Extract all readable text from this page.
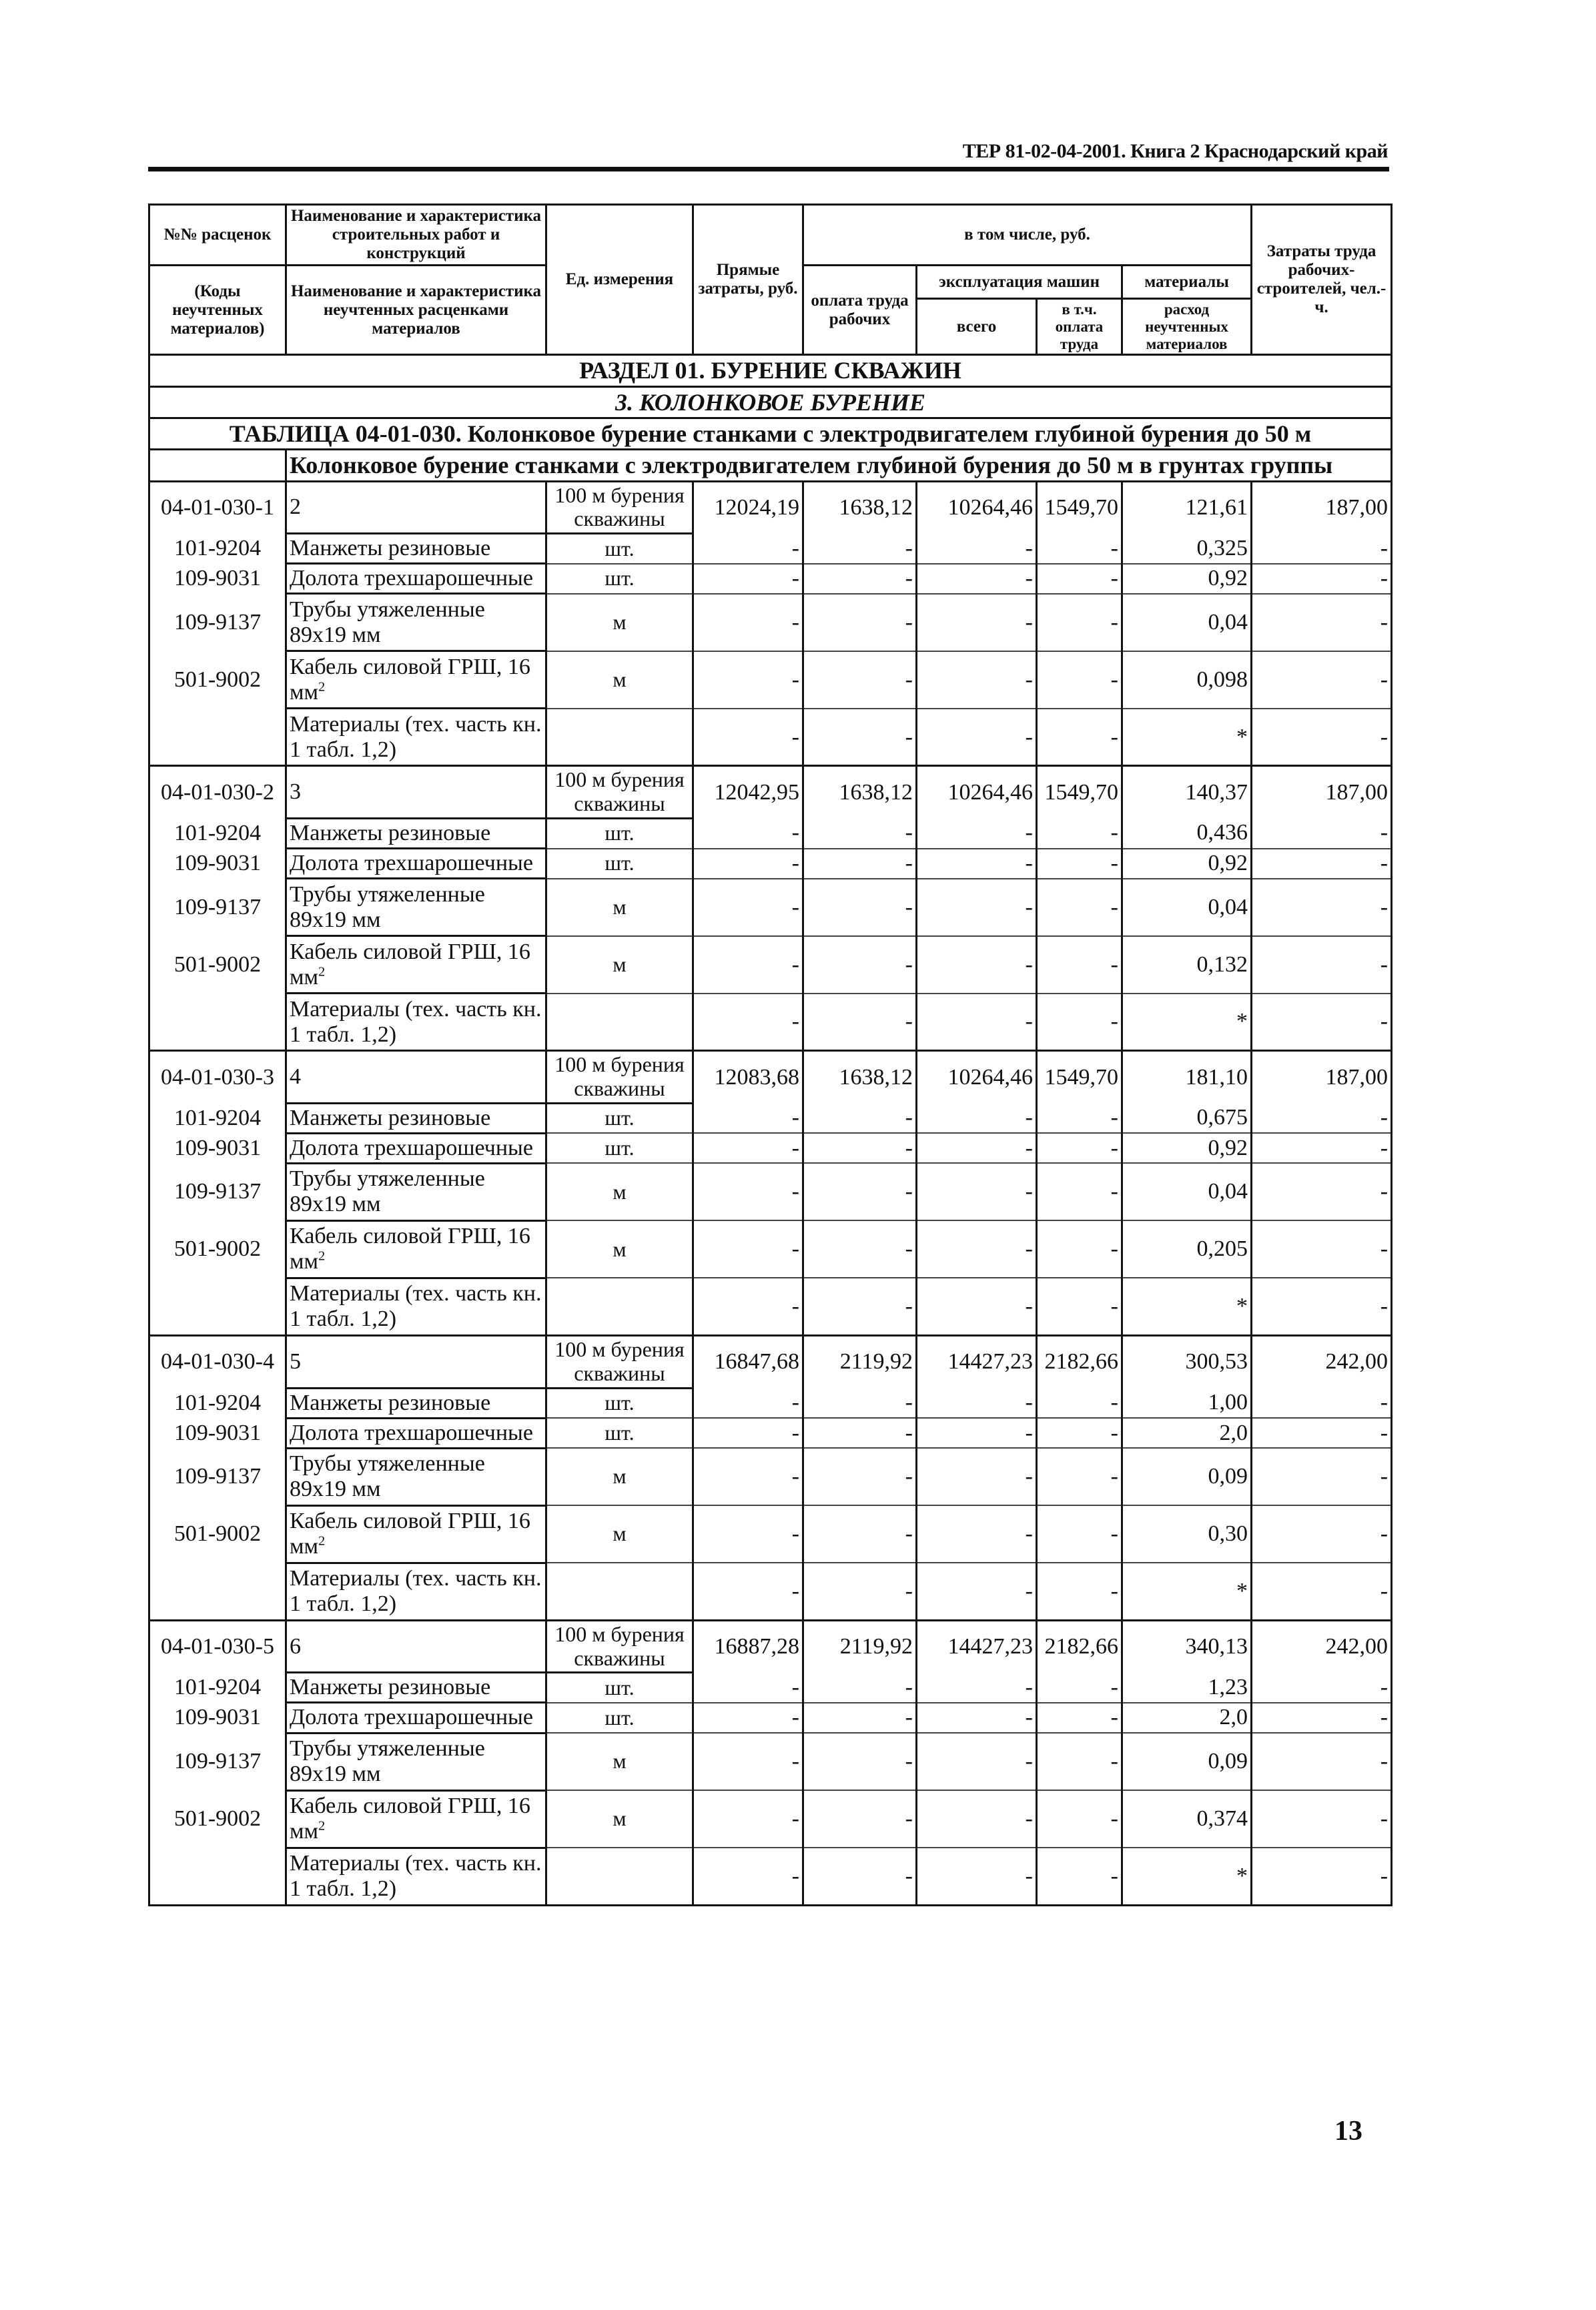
ТЕР 81-02-04-2001. Книга 2 Краснодарский край
№№ расценок	Наименование и характеристика строительных работ и конструкций	Ед. измерения	Прямые затраты, руб.	в том числе, руб.				Затраты труда рабочих-строителей, чел.-ч.
(Коды неучтенных материалов)	Наименование и характеристика неучтенных расценками материалов			оплата труда рабочих	эксплуатация машин		материалы	
					всего	в т.ч. оплата труда	расход неучтенных материалов	
РАЗДЕЛ 01. БУРЕНИЕ СКВАЖИН								
3. КОЛОНКОВОЕ БУРЕНИЕ								
ТАБЛИЦА 04-01-030. Колонковое бурение станками с электродвигателем глубиной бурения до 50 м								
	Колонковое бурение станками с электродвигателем глубиной бурения до 50 м в грунтах группы							
04-01-030-1	2	100 м бурения скважины	12024,19	1638,12	10264,46	1549,70	121,61	187,00
101-9204	Манжеты резиновые	шт.	-	-	-	-	0,325	-
109-9031	Долота трехшарошечные	шт.	-	-	-	-	0,92	-
109-9137	Трубы утяжеленные 89х19 мм	м	-	-	-	-	0,04	-
501-9002	Кабель силовой ГРШ, 16 $мм^2$	м	-	-	-	-	0,098	-
	Материалы (тех. часть кн. 1 табл. 1,2)		-	-	-	-	*	-
04-01-030-2	3	100 м бурения скважины	12042,95	1638,12	10264,46	1549,70	140,37	187,00
101-9204	Манжеты резиновые	шт.	-	-	-	-	0,436	-
109-9031	Долота трехшарошечные	шт.	-	-	-	-	0,92	-
109-9137	Трубы утяжеленные 89х19 мм	м	-	-	-	-	0,04	-
501-9002	Кабель силовой ГРШ, 16 $мм^2$	м	-	-	-	-	0,132	-
	Материалы (тех. часть кн. 1 табл. 1,2)		-	-	-	-	*	-
04-01-030-3	4	100 м бурения скважины	12083,68	1638,12	10264,46	1549,70	181,10	187,00
101-9204	Манжеты резиновые	шт.	-	-	-	-	0,675	-
109-9031	Долота трехшарошечные	шт.	-	-	-	-	0,92	-
109-9137	Трубы утяжеленные 89х19 мм	м	-	-	-	-	0,04	-
501-9002	Кабель силовой ГРШ, 16 $мм^2$	м	-	-	-	-	0,205	-
	Материалы (тех. часть кн. 1 табл. 1,2)		-	-	-	-	*	-
04-01-030-4	5	100 м бурения скважины	16847,68	2119,92	14427,23	2182,66	300,53	242,00
101-9204	Манжеты резиновые	шт.	-	-	-	-	1,00	-
109-9031	Долота трехшарошечные	шт.	-	-	-	-	2,0	-
109-9137	Трубы утяжеленные 89х19 мм	м	-	-	-	-	0,09	-
501-9002	Кабель силовой ГРШ, 16 $мм^2$	м	-	-	-	-	0,30	-
	Материалы (тех. часть кн. 1 табл. 1,2)		-	-	-	-	*	-
04-01-030-5	6	100 м бурения скважины	16887,28	2119,92	14427,23	2182,66	340,13	242,00
101-9204	Манжеты резиновые	шт.	-	-	-	-	1,23	-
109-9031	Долота трехшарошечные	шт.	-	-	-	-	2,0	-
109-9137	Трубы утяжеленные 89х19 мм	м	-	-	-	-	0,09	-
501-9002	Кабель силовой ГРШ, 16 $мм^2$	м	-	-	-	-	0,374	-
	Материалы (тех. часть кн. 1 табл. 1,2)		-	-	-	-	*	-
13
